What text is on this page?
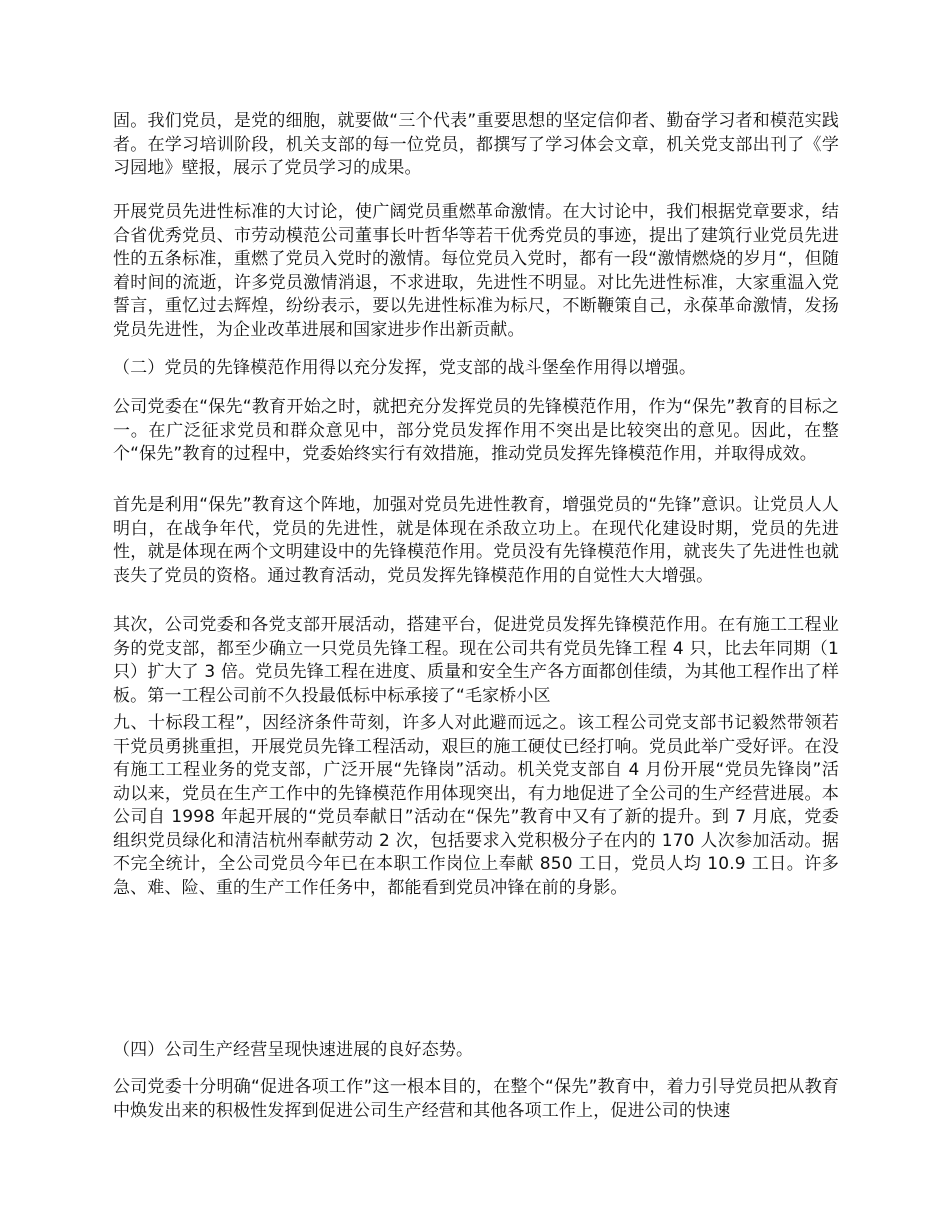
固。我们党员，是党的细胞，就要做“三个代表”重要思想的坚定信仰者、勤奋学习者和模范实践者。在学习培训阶段，机关支部的每一位党员，都撰写了学习体会文章，机关党支部出刊了《学习园地》壁报，展示了党员学习的成果。

开展党员先进性标准的大讨论，使广阔党员重燃革命激情。在大讨论中，我们根据党章要求，结合省优秀党员、市劳动模范公司董事长叶哲华等若干优秀党员的事迹，提出了建筑行业党员先进性的五条标准，重燃了党员入党时的激情。每位党员入党时，都有一段“激情燃烧的岁月“，但随着时间的流逝，许多党员激情消退，不求进取，先进性不明显。对比先进性标准，大家重温入党誓言，重忆过去辉煌，纷纷表示，要以先进性标准为标尺，不断鞭策自己，永葆革命激情，发扬党员先进性，为企业改革进展和国家进步作出新贡献。

（二）党员的先锋模范作用得以充分发挥，党支部的战斗堡垒作用得以增强。

公司党委在“保先“教育开始之时，就把充分发挥党员的先锋模范作用，作为“保先”教育的目标之一。在广泛征求党员和群众意见中，部分党员发挥作用不突出是比较突出的意见。因此，在整个“保先”教育的过程中，党委始终实行有效措施，推动党员发挥先锋模范作用，并取得成效。

首先是利用“保先”教育这个阵地，加强对党员先进性教育，增强党员的“先锋”意识。让党员人人明白，在战争年代，党员的先进性，就是体现在杀敌立功上。在现代化建设时期，党员的先进性，就是体现在两个文明建设中的先锋模范作用。党员没有先锋模范作用，就丧失了先进性也就丧失了党员的资格。通过教育活动，党员发挥先锋模范作用的自觉性大大增强。

其次，公司党委和各党支部开展活动，搭建平台，促进党员发挥先锋模范作用。在有施工工程业务的党支部，都至少确立一只党员先锋工程。现在公司共有党员先锋工程 4 只，比去年同期（1 只）扩大了 3 倍。党员先锋工程在进度、质量和安全生产各方面都创佳绩，为其他工程作出了样板。第一工程公司前不久投最低标中标承接了“毛家桥小区

九、十标段工程”，因经济条件苛刻，许多人对此避而远之。该工程公司党支部书记毅然带领若干党员勇挑重担，开展党员先锋工程活动，艰巨的施工硬仗已经打响。党员此举广受好评。在没有施工工程业务的党支部，广泛开展“先锋岗”活动。机关党支部自 4 月份开展“党员先锋岗”活动以来，党员在生产工作中的先锋模范作用体现突出，有力地促进了全公司的生产经营进展。本公司自 1998 年起开展的“党员奉献日”活动在“保先”教育中又有了新的提升。到 7 月底，党委组织党员绿化和清洁杭州奉献劳动 2 次，包括要求入党积极分子在内的 170 人次参加活动。据不完全统计，全公司党员今年已在本职工作岗位上奉献 850 工日，党员人均 10.9 工日。许多急、难、险、重的生产工作任务中，都能看到党员冲锋在前的身影。

（四）公司生产经营呈现快速进展的良好态势。

公司党委十分明确“促进各项工作”这一根本目的，在整个“保先”教育中，着力引导党员把从教育中焕发出来的积极性发挥到促进公司生产经营和其他各项工作上，促进公司的快速
